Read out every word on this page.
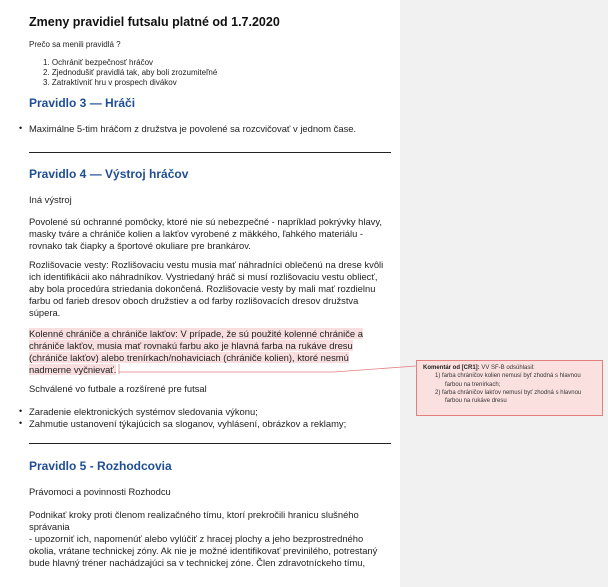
Zmeny pravidiel futsalu platné od 1.7.2020
Prečo sa menili pravidlá ?
1. Ochrániť bezpečnosť hráčov
2. Zjednodušiť pravidlá tak, aby boli zrozumiteľné
3. Zatraktívniť hru v prospech divákov
Pravidlo 3 — Hráči
• Maximálne 5-tim hráčom z družstva je povolené sa rozcvičovať v jednom čase.
Pravidlo 4 — Výstroj hráčov
Iná výstroj
Povolené sú ochranné pomôcky, ktoré nie sú nebezpečné - napríklad pokrývky hlavy,
masky tváre a chrániče kolien a lakťov vyrobené z mäkkého, ľahkého materiálu -
rovnako tak čiapky a športové okuliare pre brankárov.
Rozlišovacie vesty: Rozlišovaciu vestu musia mať náhradníci oblečenú na drese kvôli
ich identifikácii ako náhradníkov. Vystriedaný hráč si musí rozlišovaciu vestu obliecť,
aby bola procedúra striedania dokončená. Rozlišovacie vesty by mali mať rozdielnu
farbu od farieb dresov oboch družstiev a od farby rozlišovacích dresov družstva
súpera.
Kolenné chrániče a chrániče lakťov: V prípade, že sú použité kolenné chrániče a
chrániče lakťov, musia mať rovnakú farbu ako je hlavná farba na rukáve dresu
(chrániče lakťov) alebo trenírkach/nohaviciach (chrániče kolien), ktoré nesmú
nadmerne vyčnievať.
Schválené vo futbale a rozšírené pre futsal
• Zaradenie elektronických systémov sledovania výkonu;
• Zahmutie ustanovení týkajúcich sa sloganov, vyhlásení, obrázkov a reklamy;
Pravidlo 5 - Rozhodcovia
Právomoci a povinnosti Rozhodcu
Podnikať kroky proti členom realizačného tímu, ktorí prekročili hranicu slušného
správania
- upozorniť ich, napomenúť alebo vylúčiť z hracej plochy a jeho bezprostredného
okolia, vrátane technickej zóny. Ak nie je možné identifikovať previnilého, potrestaný
bude hlavný tréner nachádzajúci sa v technickej zóne. Člen zdravotníckeho tímu,
Komentár od [CR1]: VV SF-B odsúhlasil:
1) farba chráničov kolien nemusí byť zhodná s hlavnou
farbou na trenírkach;
2) farba chráničov lakťov nemusí byť zhodná s hlavnou
farbou na rukáve dresu
